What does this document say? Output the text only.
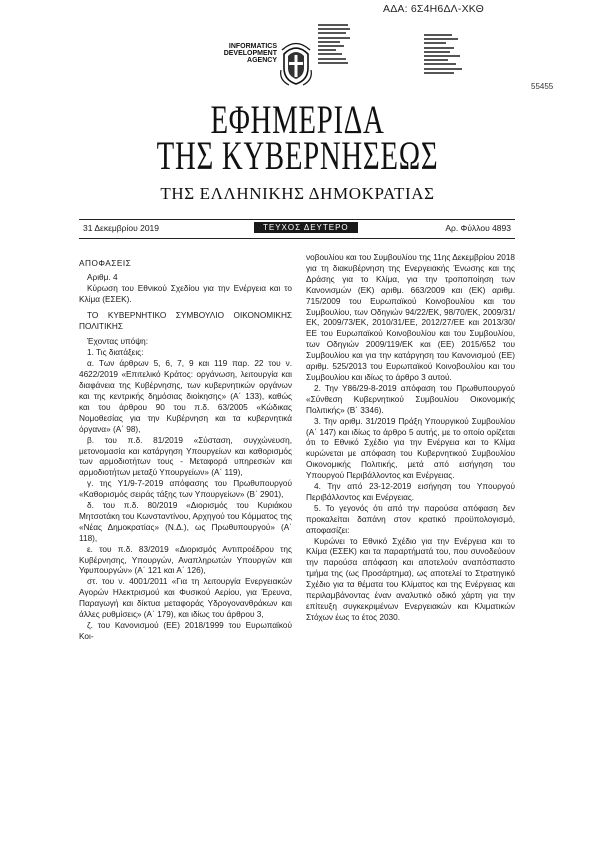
ΑΔΑ: 6Σ4Η6ΔΛ-ΧΚΘ
INFORMATICS
DEVELOPMENT
AGENCY
55455
ΕΦΗΜΕΡΙΔΑ
ΤΗΣ ΚΥΒΕΡΝΗΣΕΩΣ
ΤΗΣ ΕΛΛΗΝΙΚΗΣ ΔΗΜΟΚΡΑΤΙΑΣ
31 Δεκεμβρίου 2019	ΤΕΥΧΟΣ ΔΕΥΤΕΡΟ	Αρ. Φύλλου 4893

ΑΠΟΦΑΣΕΙΣ

Αριθμ. 4

Κύρωση του Εθνικού Σχεδίου για την Ενέργεια και το Κλίμα (ΕΣΕΚ).

ΤΟ ΚΥΒΕΡΝΗΤΙΚΟ ΣΥΜΒΟΥΛΙΟ ΟΙΚΟΝΟΜΙΚΗΣ ΠΟΛΙΤΙΚΗΣ

Έχοντας υπόψη:

1. Τις διατάξεις:

α. Των άρθρων 5, 6, 7, 9 και 119 παρ. 22 του ν. 4622/2019 «Επιτελικό Κράτος: οργάνωση, λειτουργία και διαφάνεια της Κυβέρνησης, των κυβερνητικών οργάνων και της κεντρικής δημόσιας διοίκησης» (Α΄ 133), καθώς και του άρθρου 90 του π.δ. 63/2005 «Κώδικας Νομοθεσίας για την Κυβέρνηση και τα κυβερνητικά όργανα» (Α΄ 98),

β. του π.δ. 81/2019 «Σύσταση, συγχώνευση, μετονομασία και κατάργηση Υπουργείων και καθορισμός των αρμοδιοτήτων τους - Μεταφορά υπηρεσιών και αρμοδιοτήτων μεταξύ Υπουργείων» (Α΄ 119),

γ. της Υ1/9-7-2019 απόφασης του Πρωθυπουργού «Καθορισμός σειράς τάξης των Υπουργείων» (Β΄ 2901),

δ. του π.δ. 80/2019 «Διορισμός του Κυριάκου Μητσοτάκη του Κωνσταντίνου, Αρχηγού του Κόμματος της «Νέας Δημοκρατίας» (Ν.Δ.), ως Πρωθυπουργού» (Α΄ 118),

ε. του π.δ. 83/2019 «Διορισμός Αντιπροέδρου της Κυβέρνησης, Υπουργών, Αναπληρωτών Υπουργών και Υφυπουργών» (Α΄ 121 και Α΄ 126),

στ. του ν. 4001/2011 «Για τη λειτουργία Ενεργειακών Αγορών Ηλεκτρισμού και Φυσικού Αερίου, για Έρευνα, Παραγωγή και δίκτυα μεταφοράς Υδρογονανθράκων και άλλες ρυθμίσεις» (Α΄ 179), και ιδίως του άρθρου 3,

ζ. του Κανονισμού (ΕΕ) 2018/1999 του Ευρωπαϊκού Κοι-

νοβουλίου και του Συμβουλίου της 11ης Δεκεμβρίου 2018 για τη διακυβέρνηση της Ενεργειακής Ένωσης και της Δράσης για το Κλίμα, για την τροποποίηση των Κανονισμών (ΕΚ) αριθμ. 663/2009 και (ΕΚ) αριθμ. 715/2009 του Ευρωπαϊκού Κοινοβουλίου και του Συμβουλίου, των Οδηγιών 94/22/ΕΚ, 98/70/ΕΚ, 2009/31/ΕΚ, 2009/73/ΕΚ, 2010/31/ΕΕ, 2012/27/ΕΕ και 2013/30/ΕΕ του Ευρωπαϊκού Κοινοβουλίου και του Συμβουλίου, των Οδηγιών 2009/119/ΕΚ και (ΕΕ) 2015/652 του Συμβουλίου και για την κατάργηση του Κανονισμού (ΕΕ) αριθμ. 525/2013 του Ευρωπαϊκού Κοινοβουλίου και του Συμβουλίου και ιδίως το άρθρο 3 αυτού.

2. Την Υ86/29-8-2019 απόφαση του Πρωθυπουργού «Σύνθεση Κυβερνητικού Συμβουλίου Οικονομικής Πολιτικής» (Β΄ 3346).

3. Την αριθμ. 31/2019 Πράξη Υπουργικού Συμβουλίου (Α΄ 147) και ιδίως το άρθρο 5 αυτής, με το οποίο ορίζεται ότι το Εθνικό Σχέδιο για την Ενέργεια και το Κλίμα κυρώνεται με απόφαση του Κυβερνητικού Συμβουλίου Οικονομικής Πολιτικής, μετά από εισήγηση του Υπουργού Περιβάλλοντος και Ενέργειας.

4. Την από 23-12-2019 εισήγηση του Υπουργού Περιβάλλοντος και Ενέργειας.

5. Το γεγονός ότι από την παρούσα απόφαση δεν προκαλείται δαπάνη στον κρατικό προϋπολογισμό, αποφασίζει:

Κυρώνει το Εθνικό Σχέδιο για την Ενέργεια και το Κλίμα (ΕΣΕΚ) και τα παραρτήματά του, που συνοδεύουν την παρούσα απόφαση και αποτελούν αναπόσπαστο τμήμα της (ως Προσάρτημα), ως αποτελεί το Στρατηγικό Σχέδιο για τα θέματα του Κλίματος και της Ενέργειας και περιλαμβάνοντας έναν αναλυτικό οδικό χάρτη για την επίτευξη συγκεκριμένων Ενεργειακών και Κλιματικών Στόχων έως το έτος 2030.
